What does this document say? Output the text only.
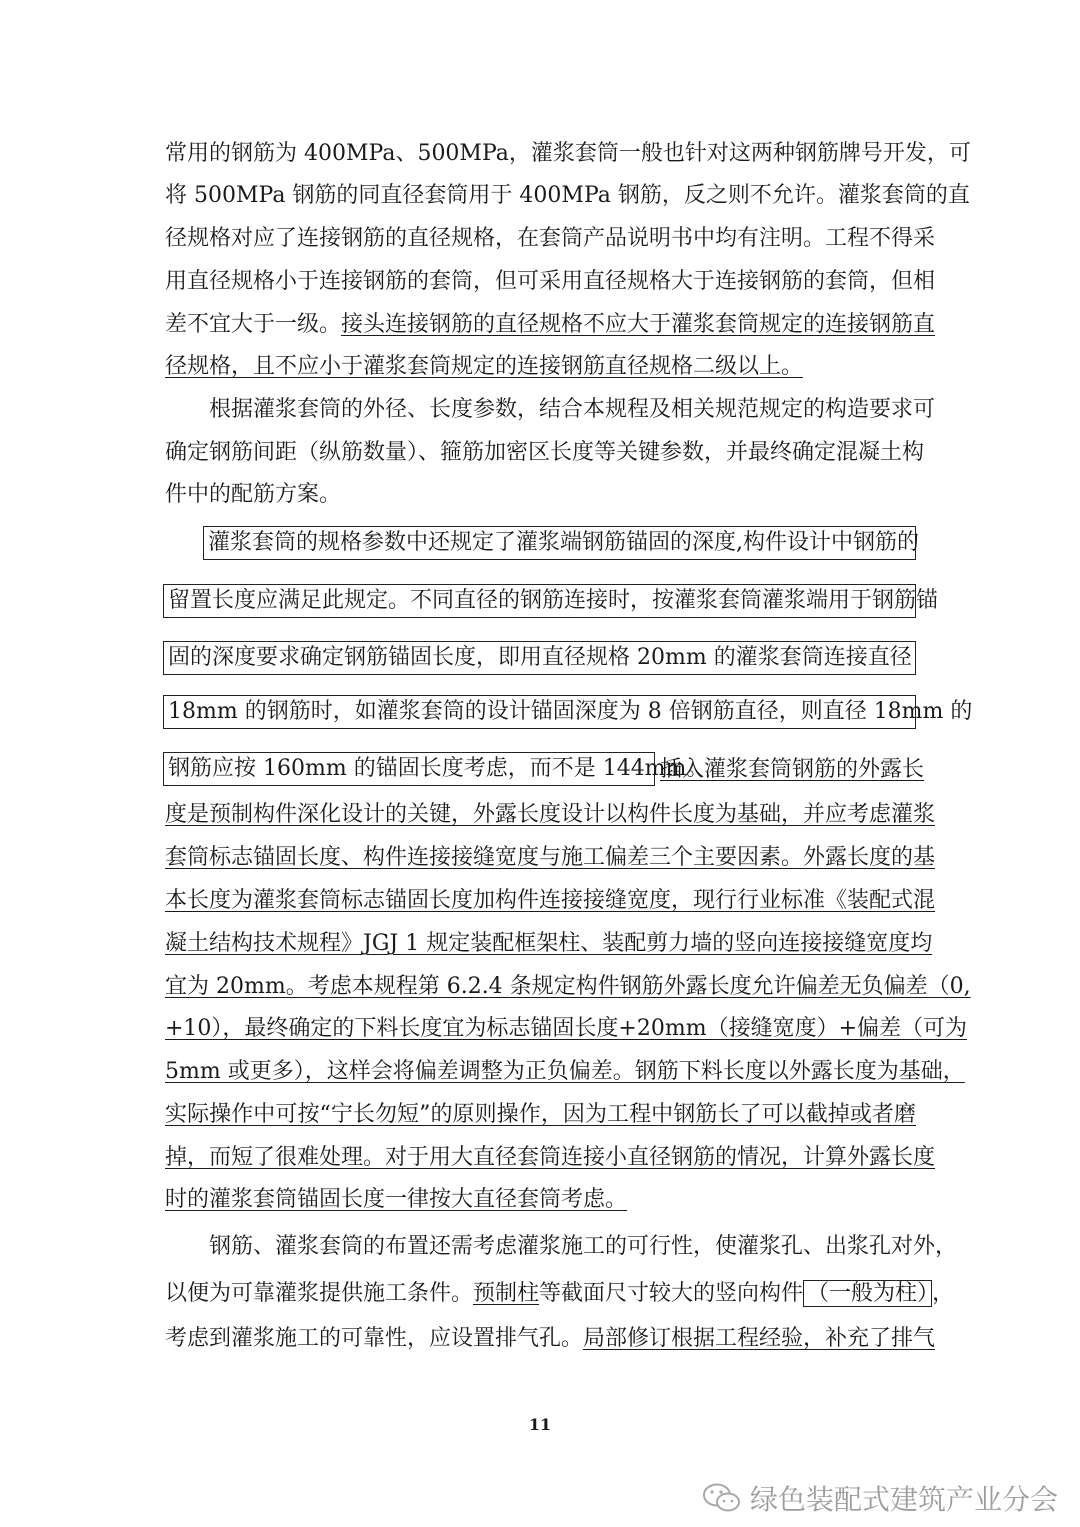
常用的钢筋为 400MPa、500MPa，灌浆套筒一般也针对这两种钢筋牌号开发，可
将 500MPa 钢筋的同直径套筒用于 400MPa 钢筋，反之则不允许。灌浆套筒的直
径规格对应了连接钢筋的直径规格，在套筒产品说明书中均有注明。工程不得采
用直径规格小于连接钢筋的套筒，但可采用直径规格大于连接钢筋的套筒，但相
差不宜大于一级。接头连接钢筋的直径规格不应大于灌浆套筒规定的连接钢筋直
径规格，且不应小于灌浆套筒规定的连接钢筋直径规格二级以上。
根据灌浆套筒的外径、长度参数，结合本规程及相关规范规定的构造要求可
确定钢筋间距（纵筋数量）、箍筋加密区长度等关键参数，并最终确定混凝土构
件中的配筋方案。
灌浆套筒的规格参数中还规定了灌浆端钢筋锚固的深度,构件设计中钢筋的
留置长度应满足此规定。不同直径的钢筋连接时，按灌浆套筒灌浆端用于钢筋锚
固的深度要求确定钢筋锚固长度，即用直径规格 20mm 的灌浆套筒连接直径
18mm 的钢筋时，如灌浆套筒的设计锚固深度为 8 倍钢筋直径，则直径 18mm 的
钢筋应按 160mm 的锚固长度考虑，而不是 144mm。
插入灌浆套筒钢筋的外露长
度是预制构件深化设计的关键，外露长度设计以构件长度为基础，并应考虑灌浆
套筒标志锚固长度、构件连接接缝宽度与施工偏差三个主要因素。外露长度的基
本长度为灌浆套筒标志锚固长度加构件连接接缝宽度，现行行业标准《装配式混
凝土结构技术规程》JGJ 1 规定装配框架柱、装配剪力墙的竖向连接接缝宽度均
宜为 20mm。考虑本规程第 6.2.4 条规定构件钢筋外露长度允许偏差无负偏差（0,
+10），最终确定的下料长度宜为标志锚固长度+20mm（接缝宽度）+偏差（可为
5mm 或更多），这样会将偏差调整为正负偏差。钢筋下料长度以外露长度为基础，
实际操作中可按“宁长勿短”的原则操作，因为工程中钢筋长了可以截掉或者磨
掉，而短了很难处理。对于用大直径套筒连接小直径钢筋的情况，计算外露长度
时的灌浆套筒锚固长度一律按大直径套筒考虑。
钢筋、灌浆套筒的布置还需考虑灌浆施工的可行性，使灌浆孔、出浆孔对外，
以便为可靠灌浆提供施工条件。预制柱等截面尺寸较大的竖向构件 （一般为柱） ，
考虑到灌浆施工的可靠性，应设置排气孔。局部修订根据工程经验，补充了排气
11
绿色装配式建筑产业分会
